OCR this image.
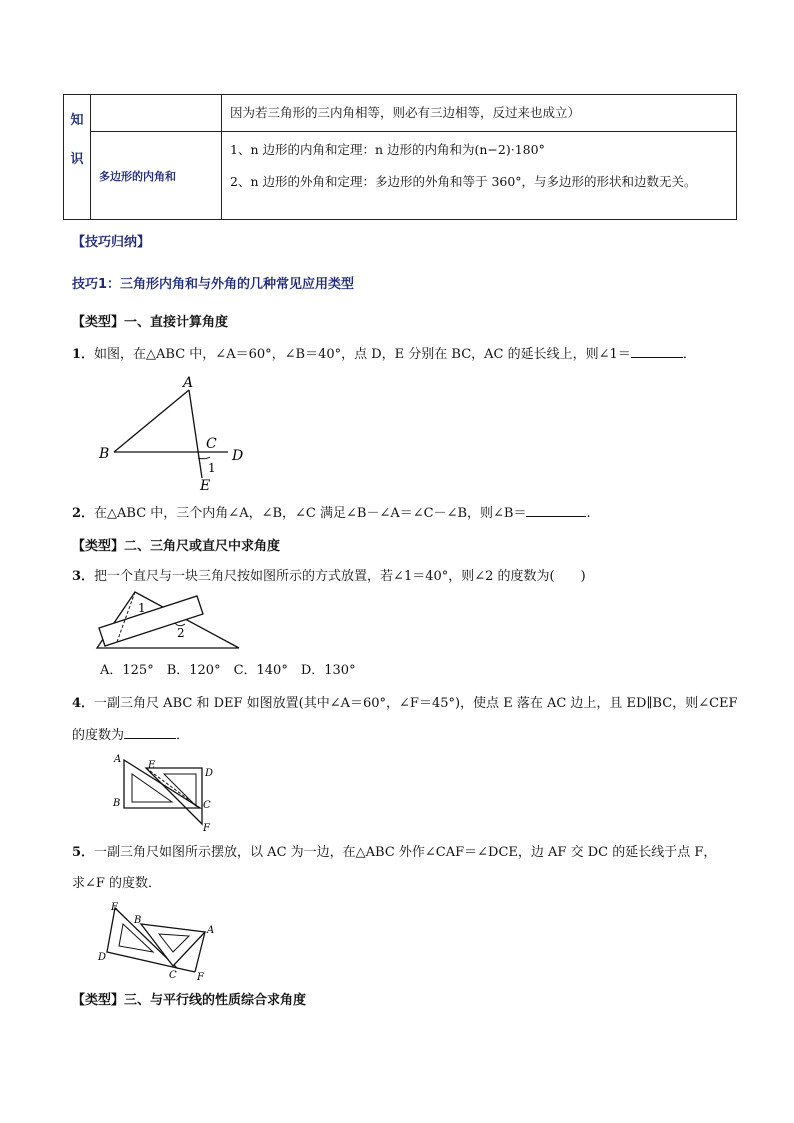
知		因为若三角形的三内角相等，则必有三边相等，反过来也成立）
识	多边形的内角和	1、n 边形的内角和定理：n 边形的内角和为(n−2)·180°
2、n 边形的外角和定理：多边形的外角和等于 360°，与多边形的形状和边数无关。
【技巧归纳】
技巧1：三角形内角和与外角的几种常见应用类型
【类型】一、直接计算角度
1．如图，在△ABC 中，∠A＝60°，∠B＝40°，点 D，E 分别在 BC，AC 的延长线上，则∠1＝	．
A
B
C
D
E
1
2．在△ABC 中，三个内角∠A，∠B，∠C 满足∠B－∠A＝∠C－∠B，则∠B＝	.
【类型】二、三角尺或直尺中求角度
3．把一个直尺与一块三角尺按如图所示的方式放置，若∠1＝40°，则∠2 的度数为(　　)
1
2
A．125°　B．120°　C．140°　D．130°
4．一副三角尺 ABC 和 DEF 如图放置(其中∠A＝60°，∠F＝45°)，使点 E 落在 AC 边上，且 ED∥BC，则∠CEF
的度数为	．
A
B	C
D
E
F
5．一副三角尺如图所示摆放，以 AC 为一边，在△ABC 外作∠CAF＝∠DCE，边 AF 交 DC 的延长线于点 F，
求∠F 的度数．
E
B
A
D
C F
【类型】三、与平行线的性质综合求角度
